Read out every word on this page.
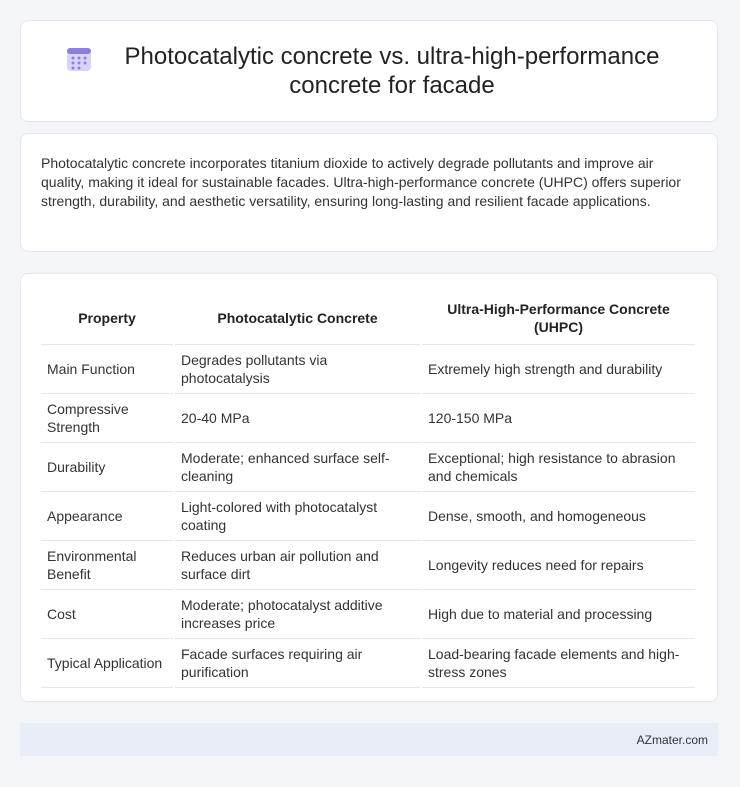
Photocatalytic concrete vs. ultra-high-performance concrete for facade

Photocatalytic concrete incorporates titanium dioxide to actively degrade pollutants and improve air quality, making it ideal for sustainable facades. Ultra-high-performance concrete (UHPC) offers superior strength, durability, and aesthetic versatility, ensuring long-lasting and resilient facade applications.

Property	Photocatalytic Concrete	Ultra-High-Performance Concrete (UHPC)
Main Function	Degrades pollutants via photocatalysis	Extremely high strength and durability
Compressive Strength	20-40 MPa	120-150 MPa
Durability	Moderate; enhanced surface self-cleaning	Exceptional; high resistance to abrasion and chemicals
Appearance	Light-colored with photocatalyst coating	Dense, smooth, and homogeneous
Environmental Benefit	Reduces urban air pollution and surface dirt	Longevity reduces need for repairs
Cost	Moderate; photocatalyst additive increases price	High due to material and processing
Typical Application	Facade surfaces requiring air purification	Load-bearing facade elements and high-stress zones
AZmater.com
